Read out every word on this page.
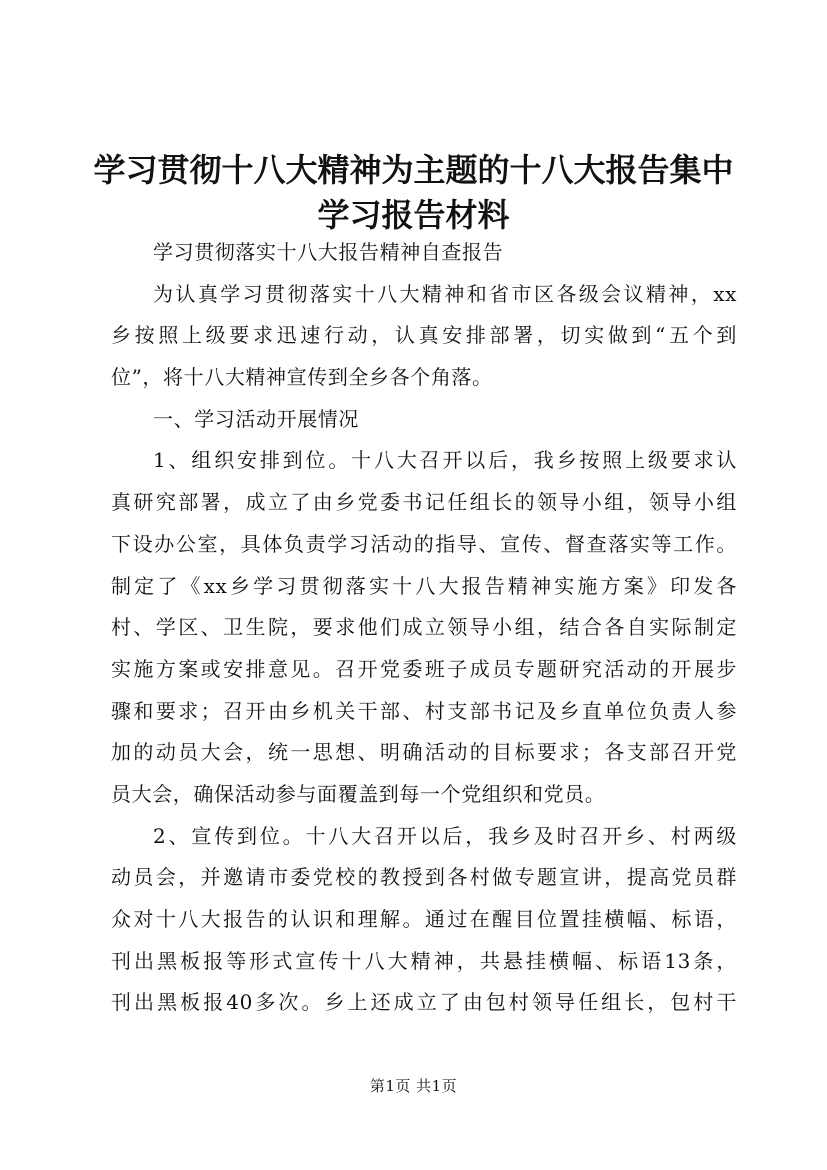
学习贯彻十八大精神为主题的十八大报告集中
学习报告材料
学习贯彻落实十八大报告精神自查报告
为认真学习贯彻落实十八大精神和省市区各级会议精神，xx
乡按照上级要求迅速行动，认真安排部署，切实做到“五个到
位”，将十八大精神宣传到全乡各个角落。
一、学习活动开展情况
1、组织安排到位。十八大召开以后，我乡按照上级要求认
真研究部署，成立了由乡党委书记任组长的领导小组，领导小组
下设办公室，具体负责学习活动的指导、宣传、督查落实等工作。
制定了《xx乡学习贯彻落实十八大报告精神实施方案》印发各
村、学区、卫生院，要求他们成立领导小组，结合各自实际制定
实施方案或安排意见。召开党委班子成员专题研究活动的开展步
骤和要求；召开由乡机关干部、村支部书记及乡直单位负责人参
加的动员大会，统一思想、明确活动的目标要求；各支部召开党
员大会，确保活动参与面覆盖到每一个党组织和党员。
2、宣传到位。十八大召开以后，我乡及时召开乡、村两级
动员会，并邀请市委党校的教授到各村做专题宣讲，提高党员群
众对十八大报告的认识和理解。通过在醒目位置挂横幅、标语，
刊出黑板报等形式宣传十八大精神，共悬挂横幅、标语13条，
刊出黑板报40多次。乡上还成立了由包村领导任组长，包村干
第1页 共1页
